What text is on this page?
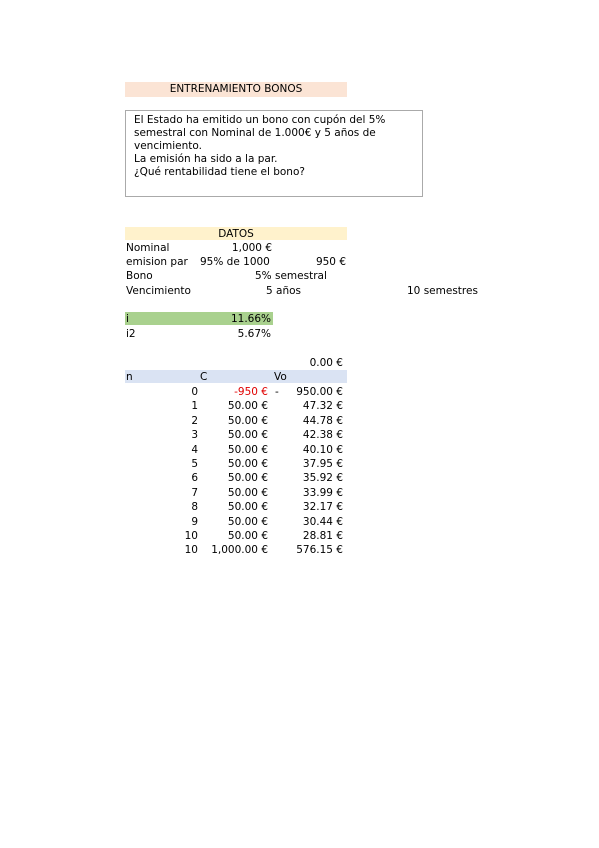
ENTRENAMIENTO BONOS
El Estado ha emitido un bono con cupón del 5%
semestral con Nominal de 1.000€ y 5 años de
vencimiento.
La emisión ha sido a la par.
¿Qué rentabilidad tiene el bono?
DATOS
Nominal	1,000 €
emision par 95% de 1000	950 €
Bono	5% semestral
Vencimiento	5 años	10 semestres
i	11.66%
i2	5.67%
0.00 €
n	C	Vo
0	-950 € -	950.00 €
1	50.00 €	47.32 €
2	50.00 €	44.78 €
3	50.00 €	42.38 €
4	50.00 €	40.10 €
5	50.00 €	37.95 €
6	50.00 €	35.92 €
7	50.00 €	33.99 €
8	50.00 €	32.17 €
9	50.00 €	30.44 €
10	50.00 €	28.81 €
10	1,000.00 €	576.15 €
